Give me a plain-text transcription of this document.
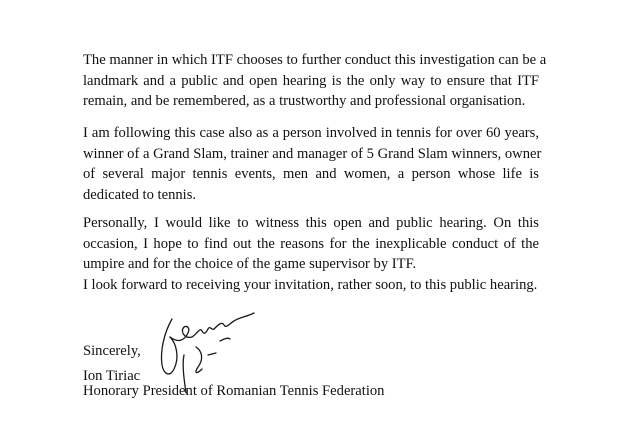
The manner in which ITF chooses to further conduct this investigation can be a
landmark and a public and open hearing is the only way to ensure that ITF
remain, and be remembered, as a trustworthy and professional organisation.

I am following this case also as a person involved in tennis for over 60 years,
winner of a Grand Slam, trainer and manager of 5 Grand Slam winners, owner
of several major tennis events, men and women, a person whose life is
dedicated to tennis.

Personally, I would like to witness this open and public hearing. On this
occasion, I hope to find out the reasons for the inexplicable conduct of the
umpire and for the choice of the game supervisor by ITF.

I look forward to receiving your invitation, rather soon, to this public hearing.

Sincerely,
Ion Tiriac
Honorary President of Romanian Tennis Federation
